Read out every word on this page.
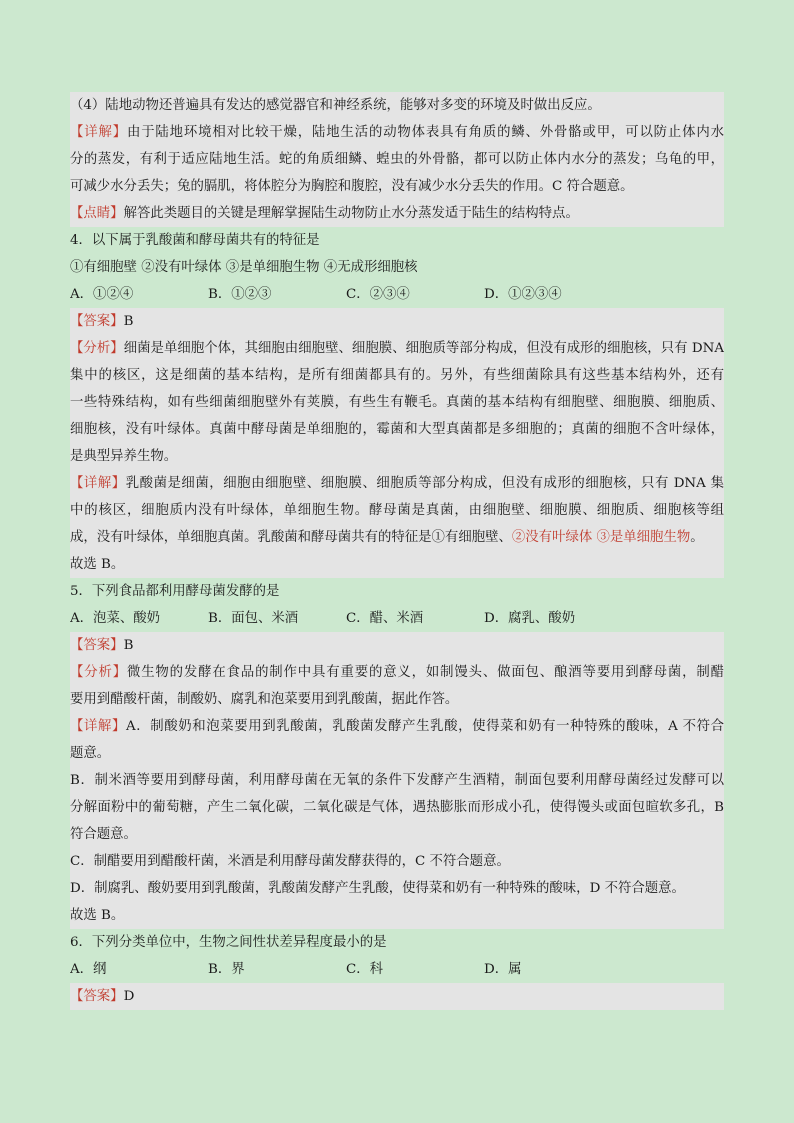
（4）陆地动物还普遍具有发达的感觉器官和神经系统，能够对多变的环境及时做出反应。
【详解】由于陆地环境相对比较干燥，陆地生活的动物体表具有角质的鳞、外骨骼或甲，可以防止体内水
分的蒸发，有利于适应陆地生活。蛇的角质细鳞、蝗虫的外骨骼，都可以防止体内水分的蒸发；乌龟的甲，
可减少水分丢失；兔的膈肌，将体腔分为胸腔和腹腔，没有减少水分丢失的作用。C 符合题意。
【点睛】解答此类题目的关键是理解掌握陆生动物防止水分蒸发适于陆生的结构特点。
4．以下属于乳酸菌和酵母菌共有的特征是
①有细胞壁 ②没有叶绿体 ③是单细胞生物 ④无成形细胞核
A．①②④	B．①②③	C．②③④	D．①②③④
【答案】B
【分析】细菌是单细胞个体，其细胞由细胞壁、细胞膜、细胞质等部分构成，但没有成形的细胞核，只有 DNA
集中的核区，这是细菌的基本结构，是所有细菌都具有的。另外，有些细菌除具有这些基本结构外，还有
一些特殊结构，如有些细菌细胞壁外有荚膜，有些生有鞭毛。真菌的基本结构有细胞壁、细胞膜、细胞质、
细胞核，没有叶绿体。真菌中酵母菌是单细胞的，霉菌和大型真菌都是多细胞的；真菌的细胞不含叶绿体，
是典型异养生物。
【详解】乳酸菌是细菌，细胞由细胞壁、细胞膜、细胞质等部分构成，但没有成形的细胞核，只有 DNA 集
中的核区，细胞质内没有叶绿体，单细胞生物。酵母菌是真菌，由细胞壁、细胞膜、细胞质、细胞核等组
成，没有叶绿体，单细胞真菌。乳酸菌和酵母菌共有的特征是①有细胞壁、②没有叶绿体 ③是单细胞生物。
故选 B。
5．下列食品都利用酵母菌发酵的是
A．泡菜、酸奶	B．面包、米酒	C．醋、米酒	D．腐乳、酸奶
【答案】B
【分析】微生物的发酵在食品的制作中具有重要的意义，如制馒头、做面包、酿酒等要用到酵母菌，制醋
要用到醋酸杆菌，制酸奶、腐乳和泡菜要用到乳酸菌，据此作答。
【详解】A．制酸奶和泡菜要用到乳酸菌，乳酸菌发酵产生乳酸，使得菜和奶有一种特殊的酸味，A 不符合
题意。
B．制米酒等要用到酵母菌，利用酵母菌在无氧的条件下发酵产生酒精，制面包要利用酵母菌经过发酵可以
分解面粉中的葡萄糖，产生二氧化碳，二氧化碳是气体，遇热膨胀而形成小孔，使得馒头或面包暄软多孔，B
符合题意。
C．制醋要用到醋酸杆菌，米酒是利用酵母菌发酵获得的，C 不符合题意。
D．制腐乳、酸奶要用到乳酸菌，乳酸菌发酵产生乳酸，使得菜和奶有一种特殊的酸味，D 不符合题意。
故选 B。
6．下列分类单位中，生物之间性状差异程度最小的是
A．纲	B．界	C．科	D．属
【答案】D
